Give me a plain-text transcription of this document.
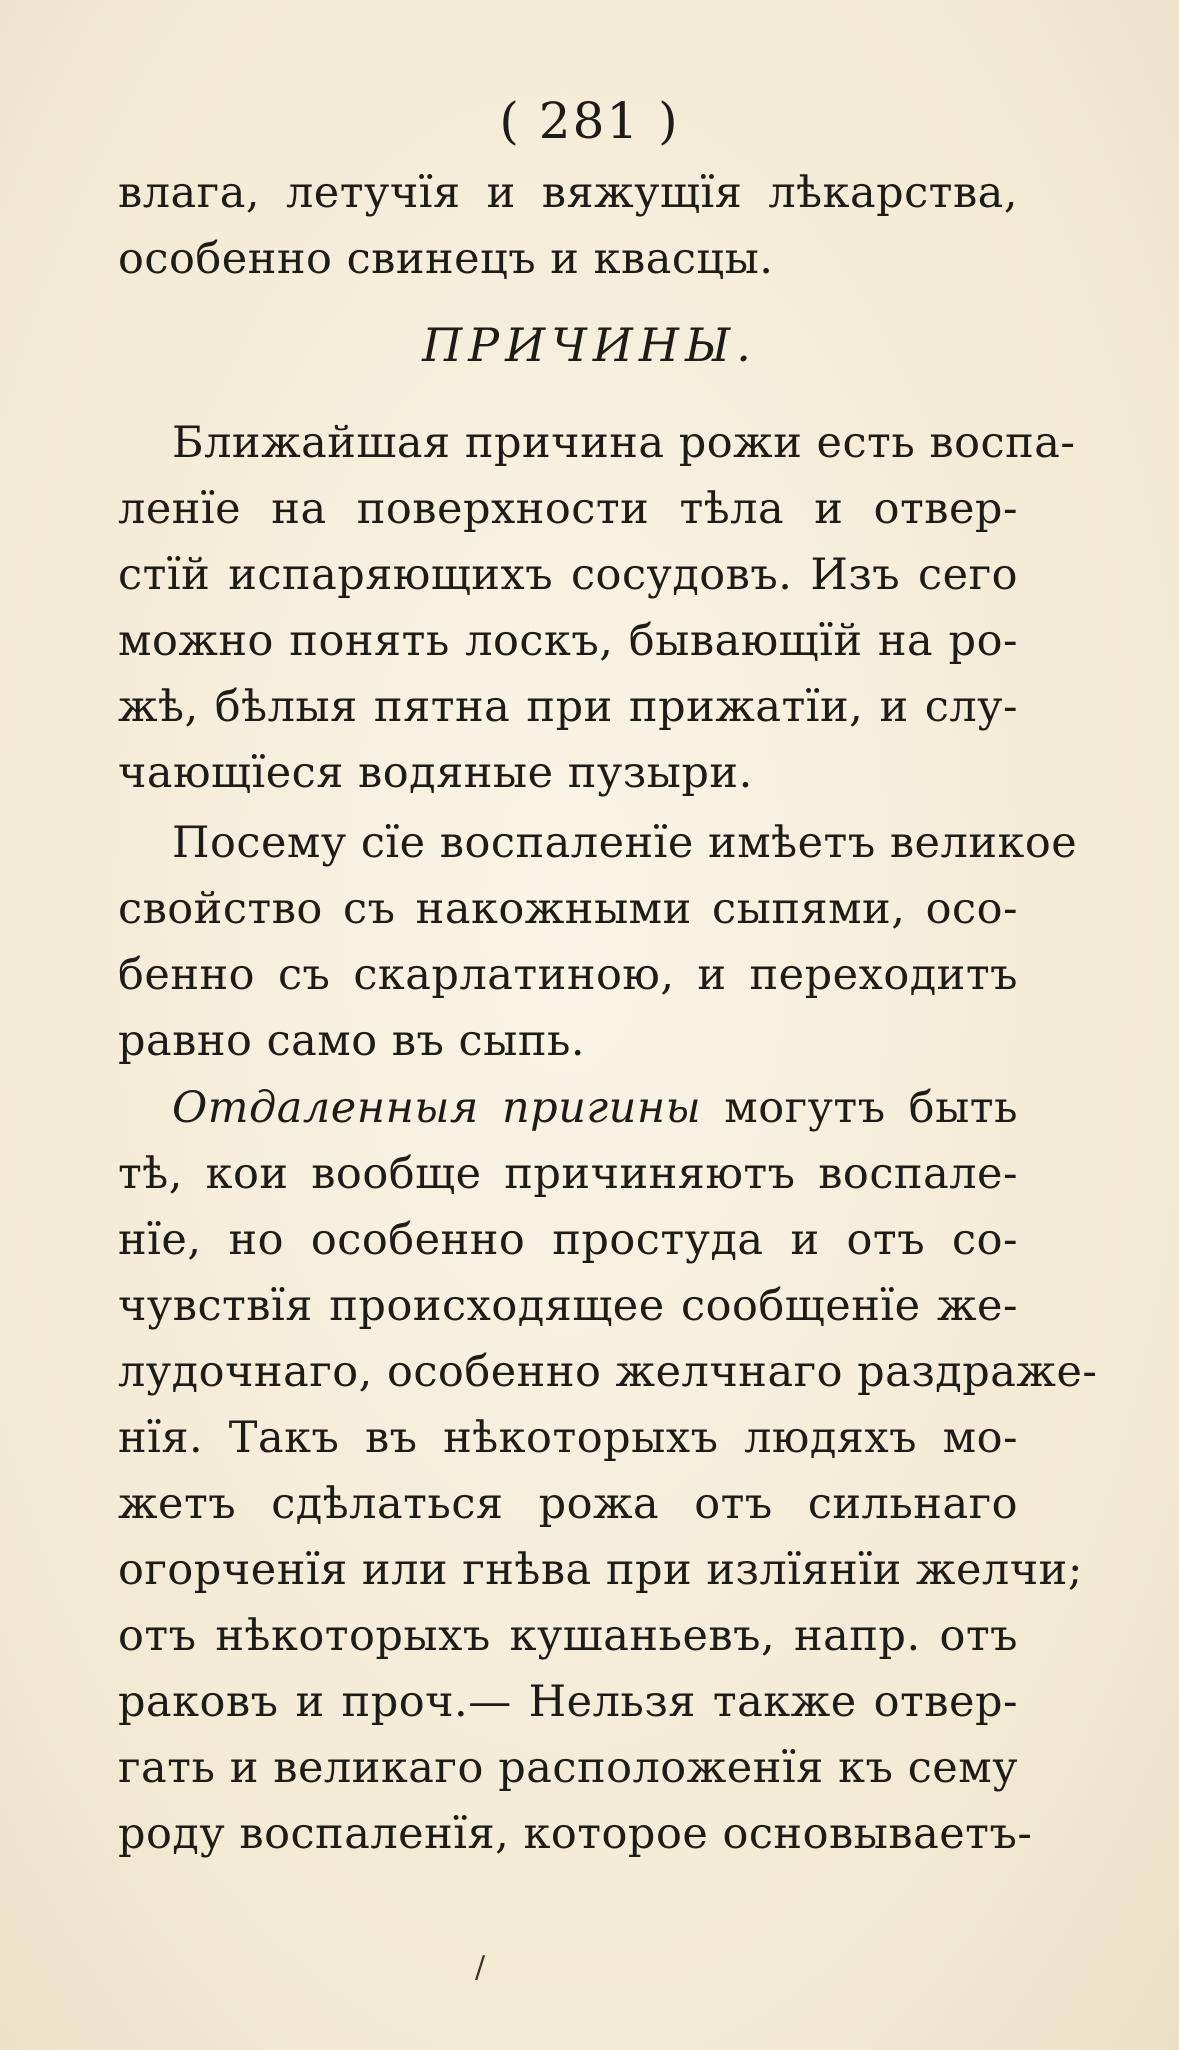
( 281 )
влага, летучїя и вяжущїя лѣкарства,
особенно свинецъ и квасцы.
ПРИЧИНЫ.
Ближайшая причина рожи есть воспа-
ленїе на поверхности тѣла и отвер-
стїй испаряющихъ сосудовъ. Изъ сего
можно понять лоскъ, бывающїй на ро-
жѣ, бѣлыя пятна при прижатїи, и слу-
чающїеся водяные пузыри.
Посему сїе воспаленїе имѣетъ великое
свойство съ накожными сыпями, осо-
бенно съ скарлатиною, и переходитъ
равно само въ сыпь.
Отдаленныя пригины могутъ быть
тѣ, кои вообще причиняютъ воспале-
нїе, но особенно простуда и отъ со-
чувствїя происходящее сообщенїе же-
лудочнаго, особенно желчнаго раздраже-
нїя. Такъ въ нѣкоторыхъ людяхъ мо-
жетъ сдѣлаться рожа отъ сильнаго
огорченїя или гнѣва при излїянїи желчи;
отъ нѣкоторыхъ кушаньевъ, напр. отъ
раковъ и проч.— Нельзя также отвер-
гать и великаго расположенїя къ сему
роду воспаленїя, которое основываетъ-
/
